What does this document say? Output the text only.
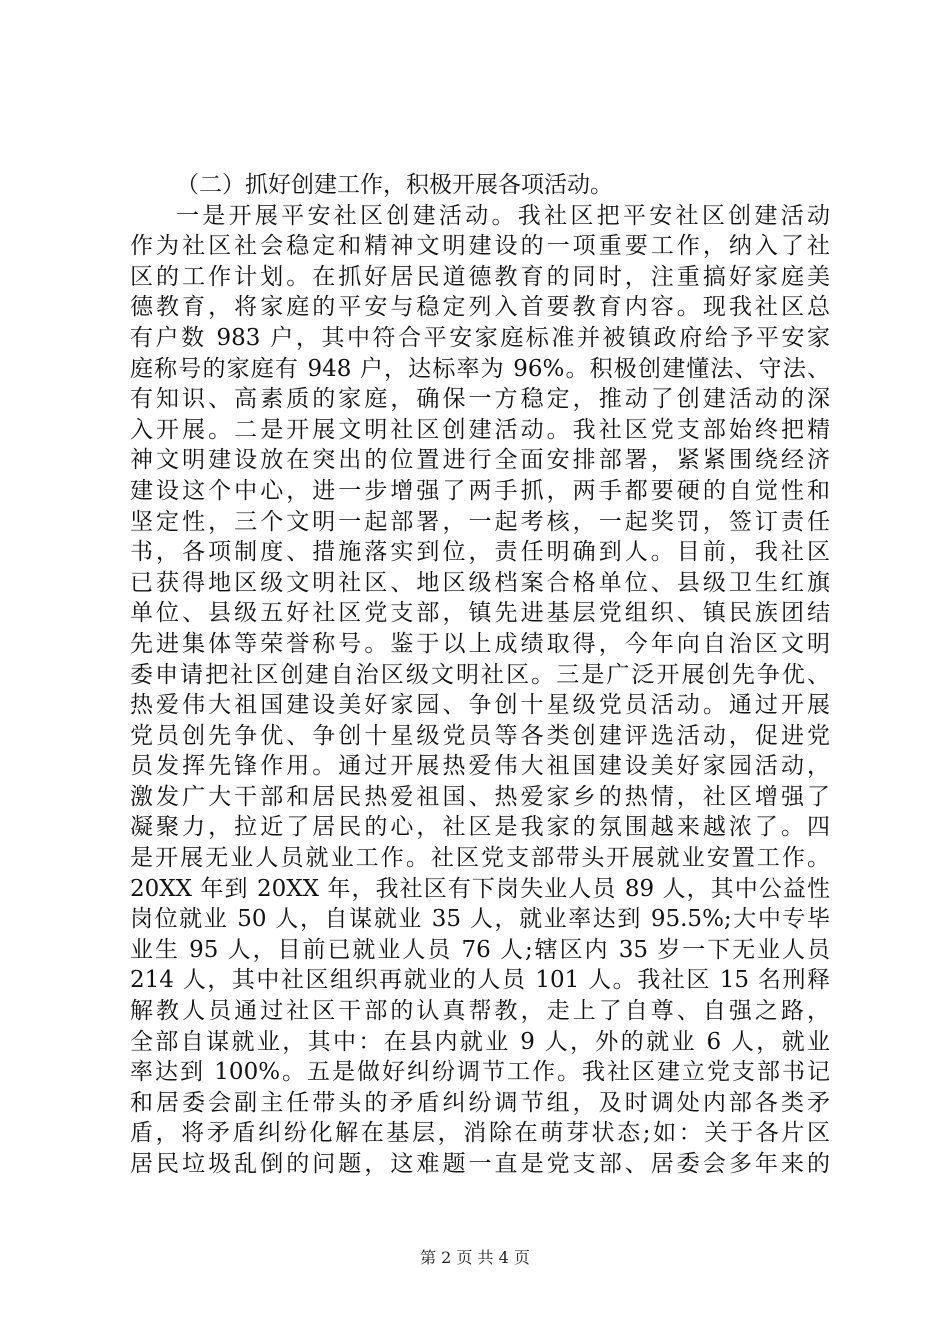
（二）抓好创建工作，积极开展各项活动。
一是开展平安社区创建活动。我社区把平安社区创建活动
作为社区社会稳定和精神文明建设的一项重要工作，纳入了社
区的工作计划。在抓好居民道德教育的同时，注重搞好家庭美
德教育，将家庭的平安与稳定列入首要教育内容。现我社区总
有户数 983 户，其中符合平安家庭标准并被镇政府给予平安家
庭称号的家庭有 948 户，达标率为 96%。积极创建懂法、守法、
有知识、高素质的家庭，确保一方稳定，推动了创建活动的深
入开展。二是开展文明社区创建活动。我社区党支部始终把精
神文明建设放在突出的位置进行全面安排部署，紧紧围绕经济
建设这个中心，进一步增强了两手抓，两手都要硬的自觉性和
坚定性，三个文明一起部署，一起考核，一起奖罚，签订责任
书，各项制度、措施落实到位，责任明确到人。目前，我社区
已获得地区级文明社区、地区级档案合格单位、县级卫生红旗
单位、县级五好社区党支部，镇先进基层党组织、镇民族团结
先进集体等荣誉称号。鉴于以上成绩取得，今年向自治区文明
委申请把社区创建自治区级文明社区。三是广泛开展创先争优、
热爱伟大祖国建设美好家园、争创十星级党员活动。通过开展
党员创先争优、争创十星级党员等各类创建评选活动，促进党
员发挥先锋作用。通过开展热爱伟大祖国建设美好家园活动，
激发广大干部和居民热爱祖国、热爱家乡的热情，社区增强了
凝聚力，拉近了居民的心，社区是我家的氛围越来越浓了。四
是开展无业人员就业工作。社区党支部带头开展就业安置工作。
20XX 年到 20XX 年，我社区有下岗失业人员 89 人，其中公益性
岗位就业 50 人，自谋就业 35 人，就业率达到 95.5%;大中专毕
业生 95 人，目前已就业人员 76 人;辖区内 35 岁一下无业人员
214 人，其中社区组织再就业的人员 101 人。我社区 15 名刑释
解教人员通过社区干部的认真帮教，走上了自尊、自强之路，
全部自谋就业，其中：在县内就业 9 人，外的就业 6 人，就业
率达到 100%。五是做好纠纷调节工作。我社区建立党支部书记
和居委会副主任带头的矛盾纠纷调节组，及时调处内部各类矛
盾，将矛盾纠纷化解在基层，消除在萌芽状态;如：关于各片区
居民垃圾乱倒的问题，这难题一直是党支部、居委会多年来的
第 2 页 共 4 页
